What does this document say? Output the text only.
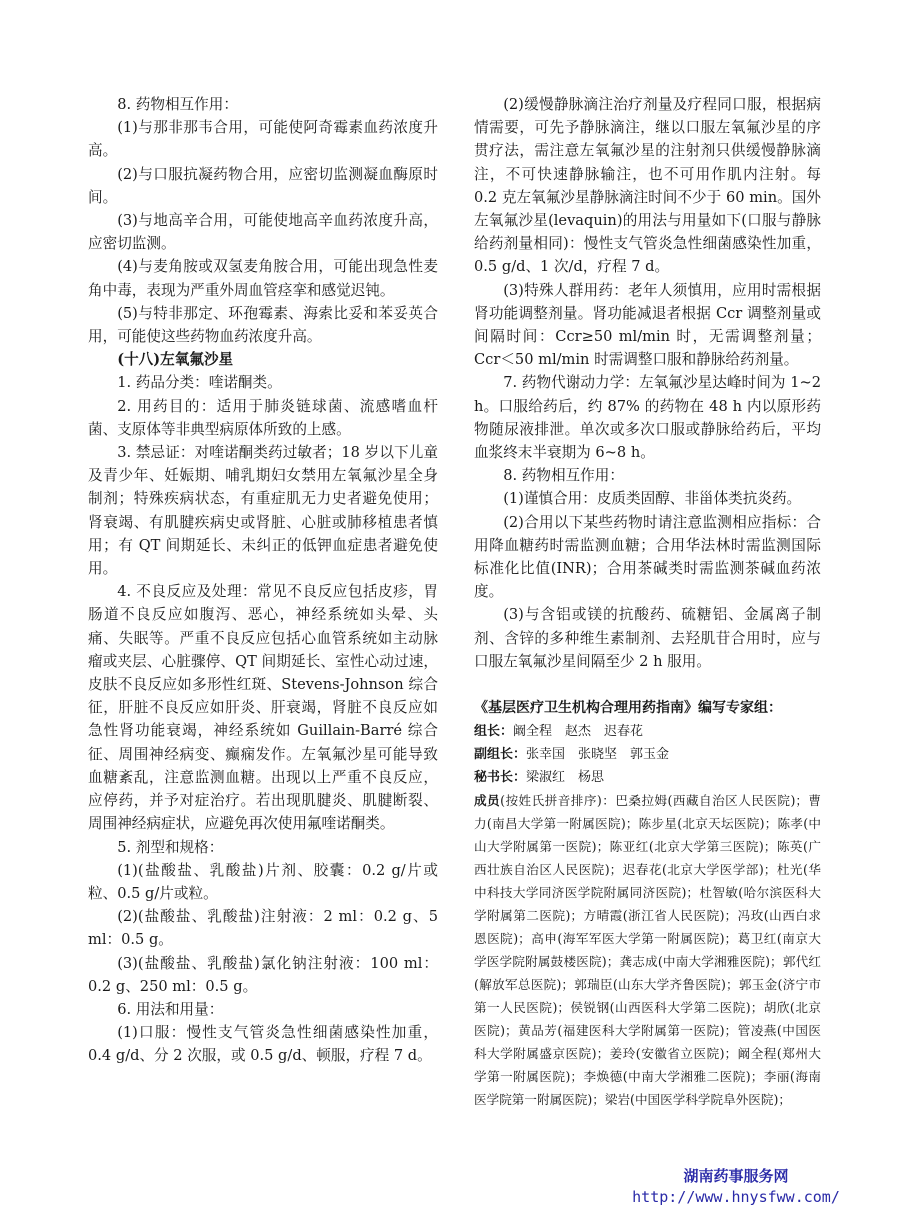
8. 药物相互作用：

(1)与那非那韦合用，可能使阿奇霉素血药浓度升高。

(2)与口服抗凝药物合用，应密切监测凝血酶原时间。

(3)与地高辛合用，可能使地高辛血药浓度升高，应密切监测。

(4)与麦角胺或双氢麦角胺合用，可能出现急性麦角中毒，表现为严重外周血管痉挛和感觉迟钝。

(5)与特非那定、环孢霉素、海索比妥和苯妥英合用，可能使这些药物血药浓度升高。

(十八)左氧氟沙星

1. 药品分类：喹诺酮类。

2. 用药目的：适用于肺炎链球菌、流感嗜血杆菌、支原体等非典型病原体所致的上感。

3. 禁忌证：对喹诺酮类药过敏者；18 岁以下儿童及青少年、妊娠期、哺乳期妇女禁用左氧氟沙星全身制剂；特殊疾病状态，有重症肌无力史者避免使用；肾衰竭、有肌腱疾病史或肾脏、心脏或肺移植患者慎用；有 QT 间期延长、未纠正的低钾血症患者避免使用。

4. 不良反应及处理：常见不良反应包括皮疹，胃肠道不良反应如腹泻、恶心，神经系统如头晕、头痛、失眠等。严重不良反应包括心血管系统如主动脉瘤或夹层、心脏骤停、QT 间期延长、室性心动过速，皮肤不良反应如多形性红斑、Stevens-Johnson 综合征，肝脏不良反应如肝炎、肝衰竭，肾脏不良反应如急性肾功能衰竭，神经系统如 Guillain-Barré 综合征、周围神经病变、癫痫发作。左氧氟沙星可能导致血糖紊乱，注意监测血糖。出现以上严重不良反应，应停药，并予对症治疗。若出现肌腱炎、肌腱断裂、周围神经病症状，应避免再次使用氟喹诺酮类。

5. 剂型和规格：

(1)(盐酸盐、乳酸盐)片剂、胶囊：0.2 g/片或粒、0.5 g/片或粒。

(2)(盐酸盐、乳酸盐)注射液：2 ml：0.2 g、5 ml：0.5 g。

(3)(盐酸盐、乳酸盐)氯化钠注射液：100 ml：0.2 g、250 ml：0.5 g。

6. 用法和用量：

(1)口服：慢性支气管炎急性细菌感染性加重，0.4 g/d、分 2 次服，或 0.5 g/d、顿服，疗程 7 d。

(2)缓慢静脉滴注治疗剂量及疗程同口服，根据病情需要，可先予静脉滴注，继以口服左氧氟沙星的序贯疗法，需注意左氧氟沙星的注射剂只供缓慢静脉滴注，不可快速静脉输注，也不可用作肌内注射。每 0.2 克左氧氟沙星静脉滴注时间不少于 60 min。国外左氧氟沙星(levaquin)的用法与用量如下(口服与静脉给药剂量相同)：慢性支气管炎急性细菌感染性加重，0.5 g/d、1 次/d，疗程 7 d。

(3)特殊人群用药：老年人须慎用，应用时需根据肾功能调整剂量。肾功能减退者根据 Ccr 调整剂量或间隔时间：Ccr≥50 ml/min 时，无需调整剂量；Ccr＜50 ml/min 时需调整口服和静脉给药剂量。

7. 药物代谢动力学：左氧氟沙星达峰时间为 1~2 h。口服给药后，约 87% 的药物在 48 h 内以原形药物随尿液排泄。单次或多次口服或静脉给药后，平均血浆终末半衰期为 6~8 h。

8. 药物相互作用：

(1)谨慎合用：皮质类固醇、非甾体类抗炎药。

(2)合用以下某些药物时请注意监测相应指标：合用降血糖药时需监测血糖；合用华法林时需监测国际标准化比值(INR)；合用茶碱类时需监测茶碱血药浓度。

(3)与含铝或镁的抗酸药、硫糖铝、金属离子制剂、含锌的多种维生素制剂、去羟肌苷合用时，应与口服左氧氟沙星间隔至少 2 h 服用。

《基层医疗卫生机构合理用药指南》编写专家组：

组长：阚全程　赵杰　迟春花

副组长：张幸国　张晓坚　郭玉金

秘书长：梁淑红　杨思

成员(按姓氏拼音排序)：巴桑拉姆(西藏自治区人民医院)；曹力(南昌大学第一附属医院)；陈步星(北京天坛医院)；陈孝(中山大学附属第一医院)；陈亚红(北京大学第三医院)；陈英(广西壮族自治区人民医院)；迟春花(北京大学医学部)；杜光(华中科技大学同济医学院附属同济医院)；杜智敏(哈尔滨医科大学附属第二医院)；方晴霞(浙江省人民医院)；冯玫(山西白求恩医院)；高申(海军军医大学第一附属医院)；葛卫红(南京大学医学院附属鼓楼医院)；龚志成(中南大学湘雅医院)；郭代红(解放军总医院)；郭瑞臣(山东大学齐鲁医院)；郭玉金(济宁市第一人民医院)；侯锐钢(山西医科大学第二医院)；胡欣(北京医院)；黄品芳(福建医科大学附属第一医院)；管凌燕(中国医科大学附属盛京医院)；姜玲(安徽省立医院)；阚全程(郑州大学第一附属医院)；李焕德(中南大学湘雅二医院)；李丽(海南医学院第一附属医院)；梁岩(中国医学科学院阜外医院)；

湖南药事服务网
http://www.hnysfww.com/
